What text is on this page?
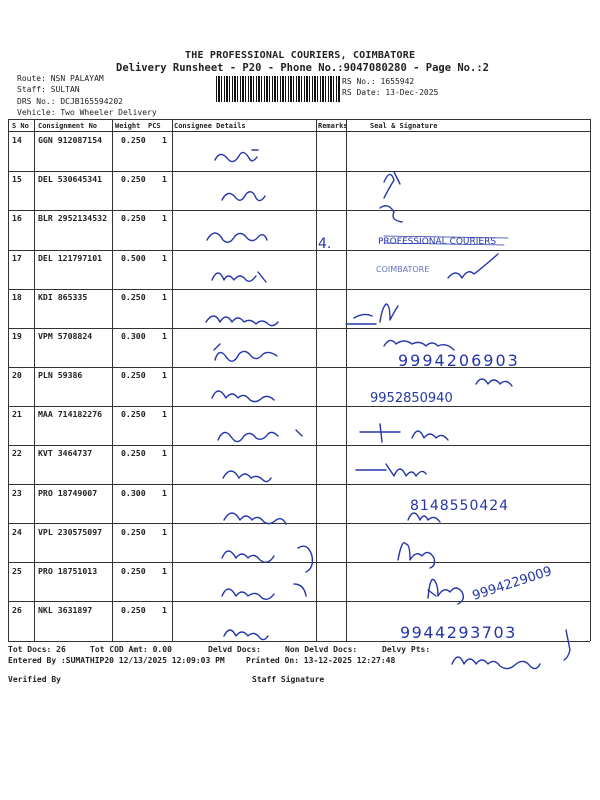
THE PROFESSIONAL COURIERS, COIMBATORE
Delivery Runsheet - P20 - Phone No.:9047080280 - Page No.:2
Route: NSN PALAYAM
Staff: SULTAN
DRS No.: DCJB165594202
Vehicle: Two Wheeler Delivery
RS No.: 1655942
RS Date: 13-Dec-2025
S No Consignment No	Weight PCS Consignee Details	Remarks	Seal & Signature
14 GGN 912087154 0.250 1
15 DEL 530645341 0.250 1
16 BLR 2952134532 0.250 1
17 DEL 121797101 0.500 1
18 KDI 865335	0.250 1
19 VPM 5708824	0.300 1
20 PLN 59386	0.250 1
21 MAA 714182276 0.250 1
22 KVT 3464737	0.250 1
23 PRO 18749007	0.300 1
24 VPL 230575097 0.250 1
25 PRO 18751013	0.250 1
26 NKL 3631897	0.250 1
PROFESSIONAL COURIERS
COIMBATORE
4.
9994206903
9952850940
8148550424
9994229009
9944293703
Tot Docs: 26	Tot COD Amt: 0.00	Delvd Docs:	Non Delvd Docs:	Delvy Pts:
Entered By :SUMATHIP20 12/13/2025 12:09:03 PM	Printed On: 13-12-2025 12:27:48
Verified By	Staff Signature
